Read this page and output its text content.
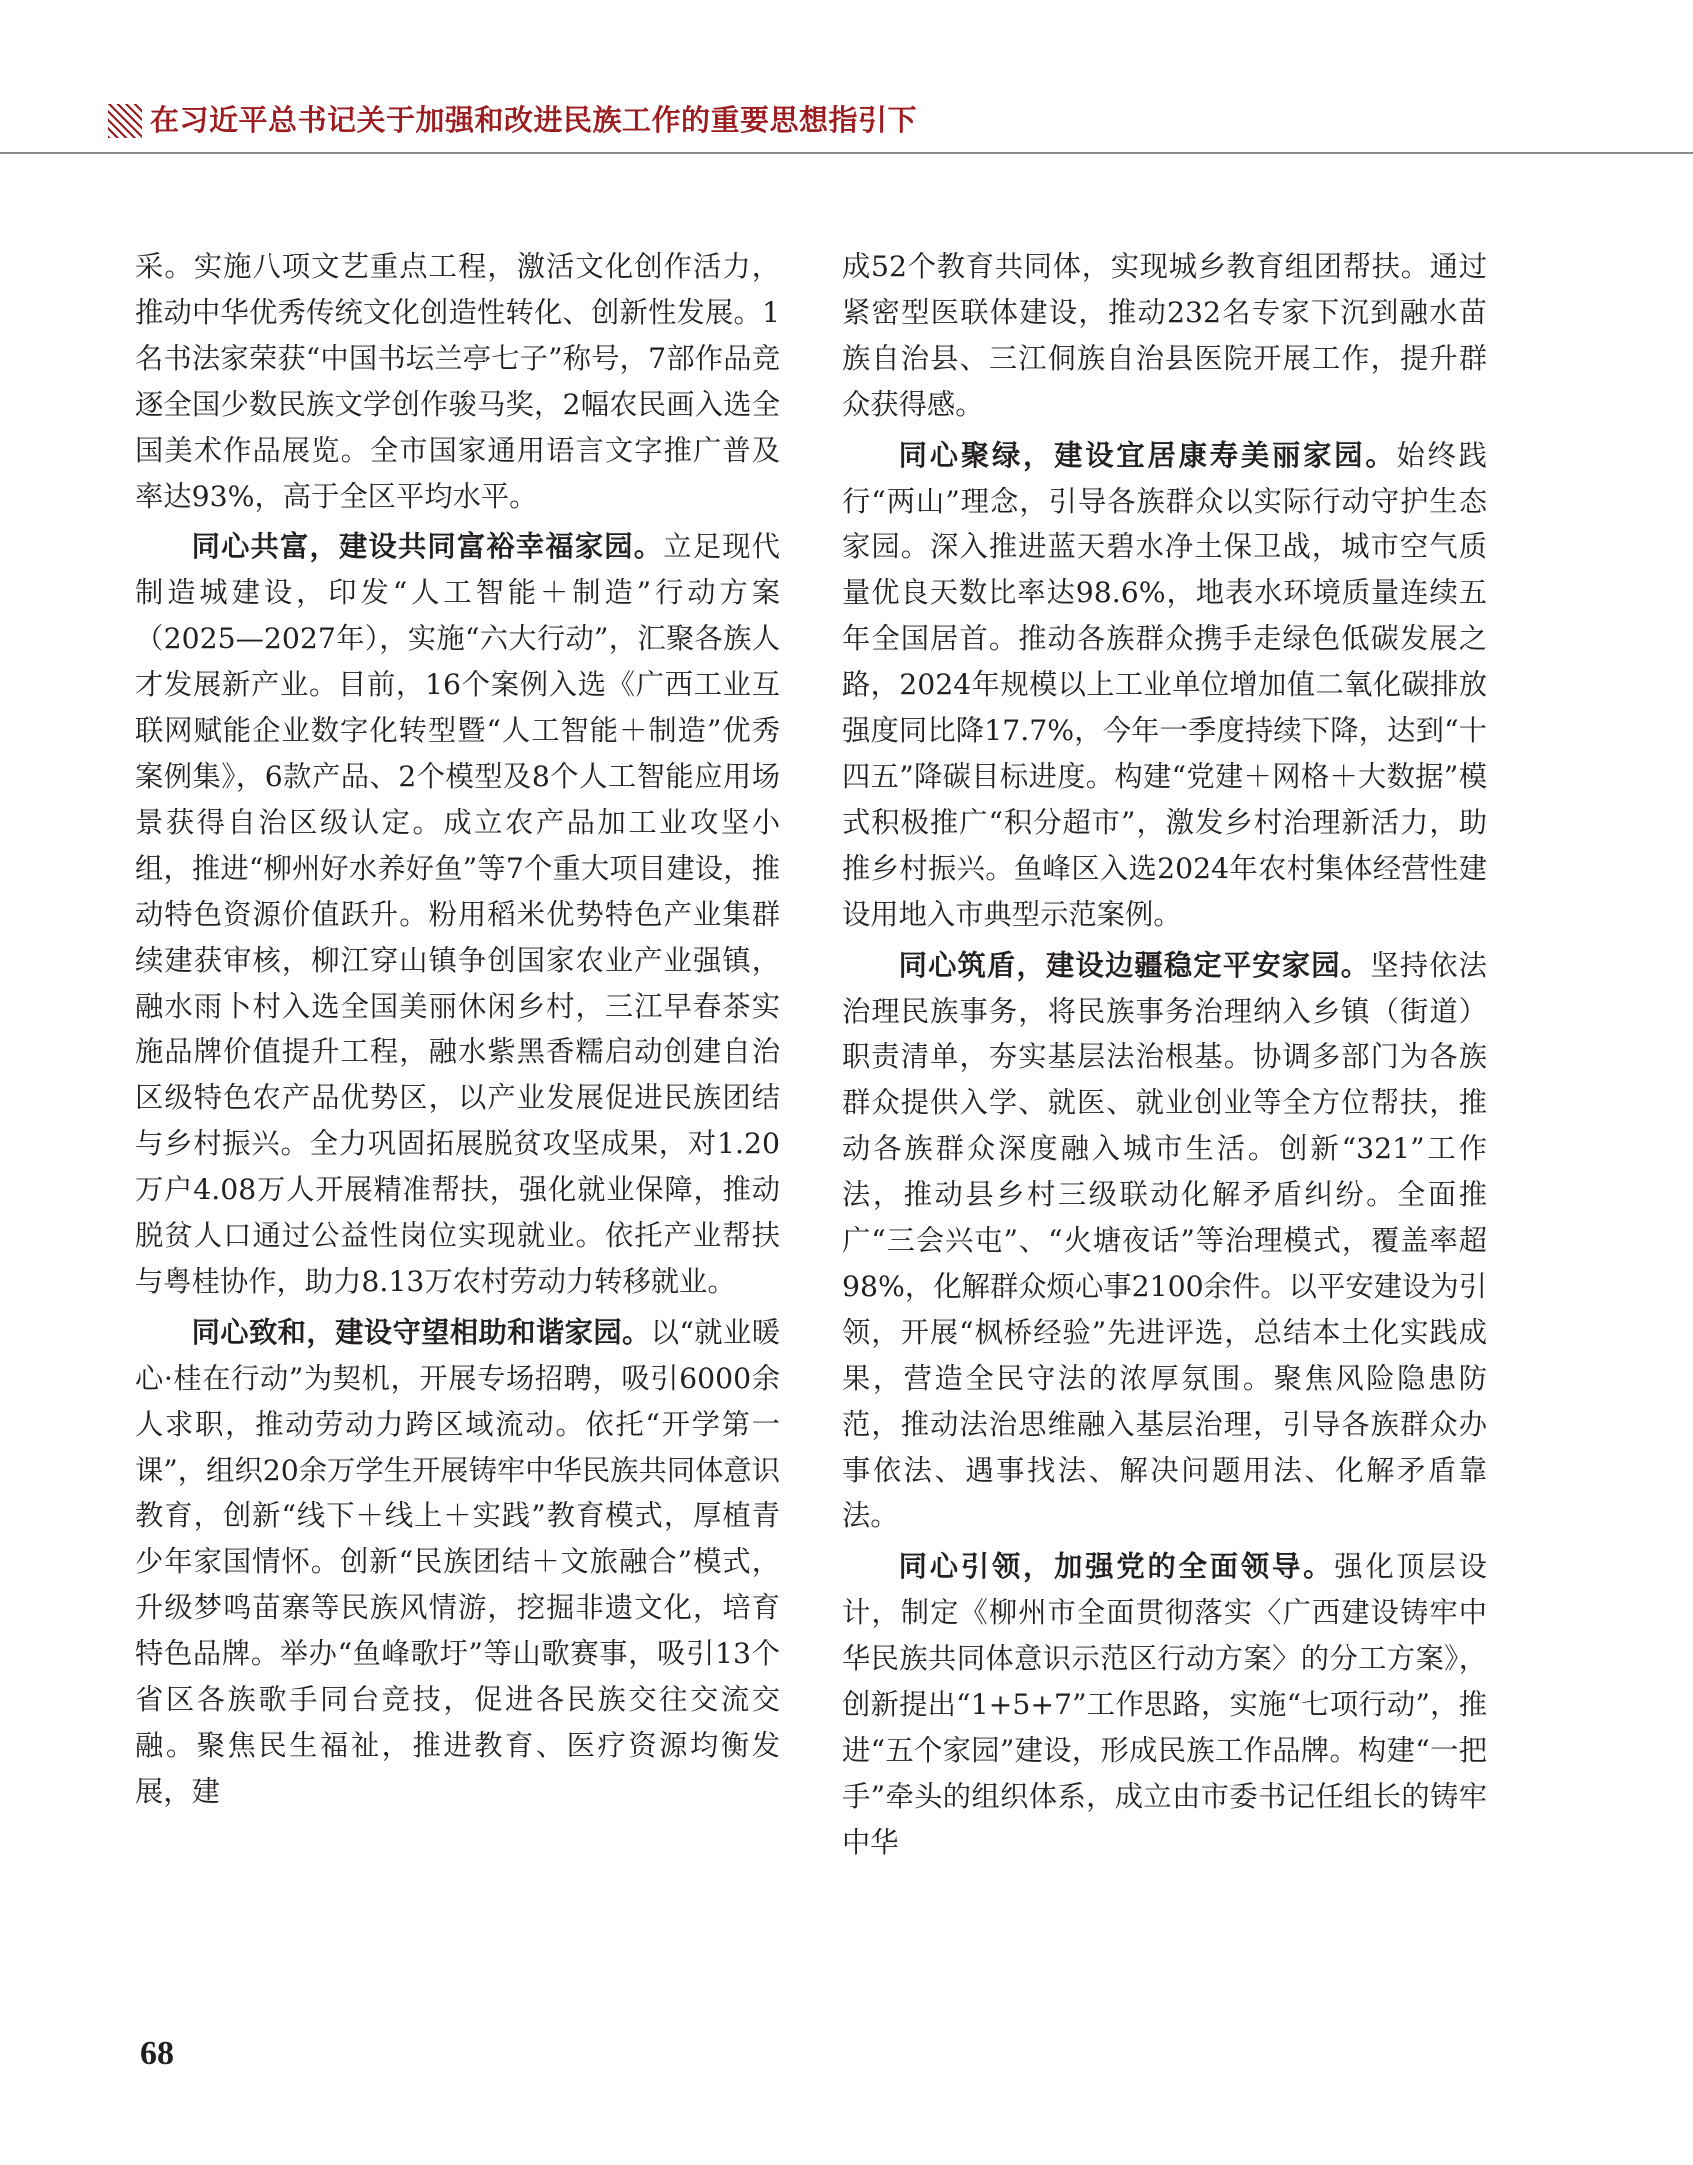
在习近平总书记关于加强和改进民族工作的重要思想指引下

采。实施八项文艺重点工程，激活文化创作活力，推动中华优秀传统文化创造性转化、创新性发展。1名书法家荣获“中国书坛兰亭七子”称号，7部作品竞逐全国少数民族文学创作骏马奖，2幅农民画入选全国美术作品展览。全市国家通用语言文字推广普及率达93%，高于全区平均水平。

同心共富，建设共同富裕幸福家园。立足现代制造城建设，印发“人工智能＋制造”行动方案（2025—2027年），实施“六大行动”，汇聚各族人才发展新产业。目前，16个案例入选《广西工业互联网赋能企业数字化转型暨“人工智能＋制造”优秀案例集》，6款产品、2个模型及8个人工智能应用场景获得自治区级认定。成立农产品加工业攻坚小组，推进“柳州好水养好鱼”等7个重大项目建设，推动特色资源价值跃升。粉用稻米优势特色产业集群续建获审核，柳江穿山镇争创国家农业产业强镇，融水雨卜村入选全国美丽休闲乡村，三江早春茶实施品牌价值提升工程，融水紫黑香糯启动创建自治区级特色农产品优势区，以产业发展促进民族团结与乡村振兴。全力巩固拓展脱贫攻坚成果，对1.20万户4.08万人开展精准帮扶，强化就业保障，推动脱贫人口通过公益性岗位实现就业。依托产业帮扶与粤桂协作，助力8.13万农村劳动力转移就业。

同心致和，建设守望相助和谐家园。以“就业暖心·桂在行动”为契机，开展专场招聘，吸引6000余人求职，推动劳动力跨区域流动。依托“开学第一课”，组织20余万学生开展铸牢中华民族共同体意识教育，创新“线下＋线上＋实践”教育模式，厚植青少年家国情怀。创新“民族团结＋文旅融合”模式，升级梦鸣苗寨等民族风情游，挖掘非遗文化，培育特色品牌。举办“鱼峰歌圩”等山歌赛事，吸引13个省区各族歌手同台竞技，促进各民族交往交流交融。聚焦民生福祉，推进教育、医疗资源均衡发展，建

成52个教育共同体，实现城乡教育组团帮扶。通过紧密型医联体建设，推动232名专家下沉到融水苗族自治县、三江侗族自治县医院开展工作，提升群众获得感。

同心聚绿，建设宜居康寿美丽家园。始终践行“两山”理念，引导各族群众以实际行动守护生态家园。深入推进蓝天碧水净土保卫战，城市空气质量优良天数比率达98.6%，地表水环境质量连续五年全国居首。推动各族群众携手走绿色低碳发展之路，2024年规模以上工业单位增加值二氧化碳排放强度同比降17.7%，今年一季度持续下降，达到“十四五”降碳目标进度。构建“党建＋网格＋大数据”模式积极推广“积分超市”，激发乡村治理新活力，助推乡村振兴。鱼峰区入选2024年农村集体经营性建设用地入市典型示范案例。

同心筑盾，建设边疆稳定平安家园。坚持依法治理民族事务，将民族事务治理纳入乡镇（街道）职责清单，夯实基层法治根基。协调多部门为各族群众提供入学、就医、就业创业等全方位帮扶，推动各族群众深度融入城市生活。创新“321”工作法，推动县乡村三级联动化解矛盾纠纷。全面推广“三会兴屯”、“火塘夜话”等治理模式，覆盖率超98%，化解群众烦心事2100余件。以平安建设为引领，开展“枫桥经验”先进评选，总结本土化实践成果，营造全民守法的浓厚氛围。聚焦风险隐患防范，推动法治思维融入基层治理，引导各族群众办事依法、遇事找法、解决问题用法、化解矛盾靠法。

同心引领，加强党的全面领导。强化顶层设计，制定《柳州市全面贯彻落实〈广西建设铸牢中华民族共同体意识示范区行动方案〉的分工方案》，创新提出“1+5+7”工作思路，实施“七项行动”，推进“五个家园”建设，形成民族工作品牌。构建“一把手”牵头的组织体系，成立由市委书记任组长的铸牢中华

68
